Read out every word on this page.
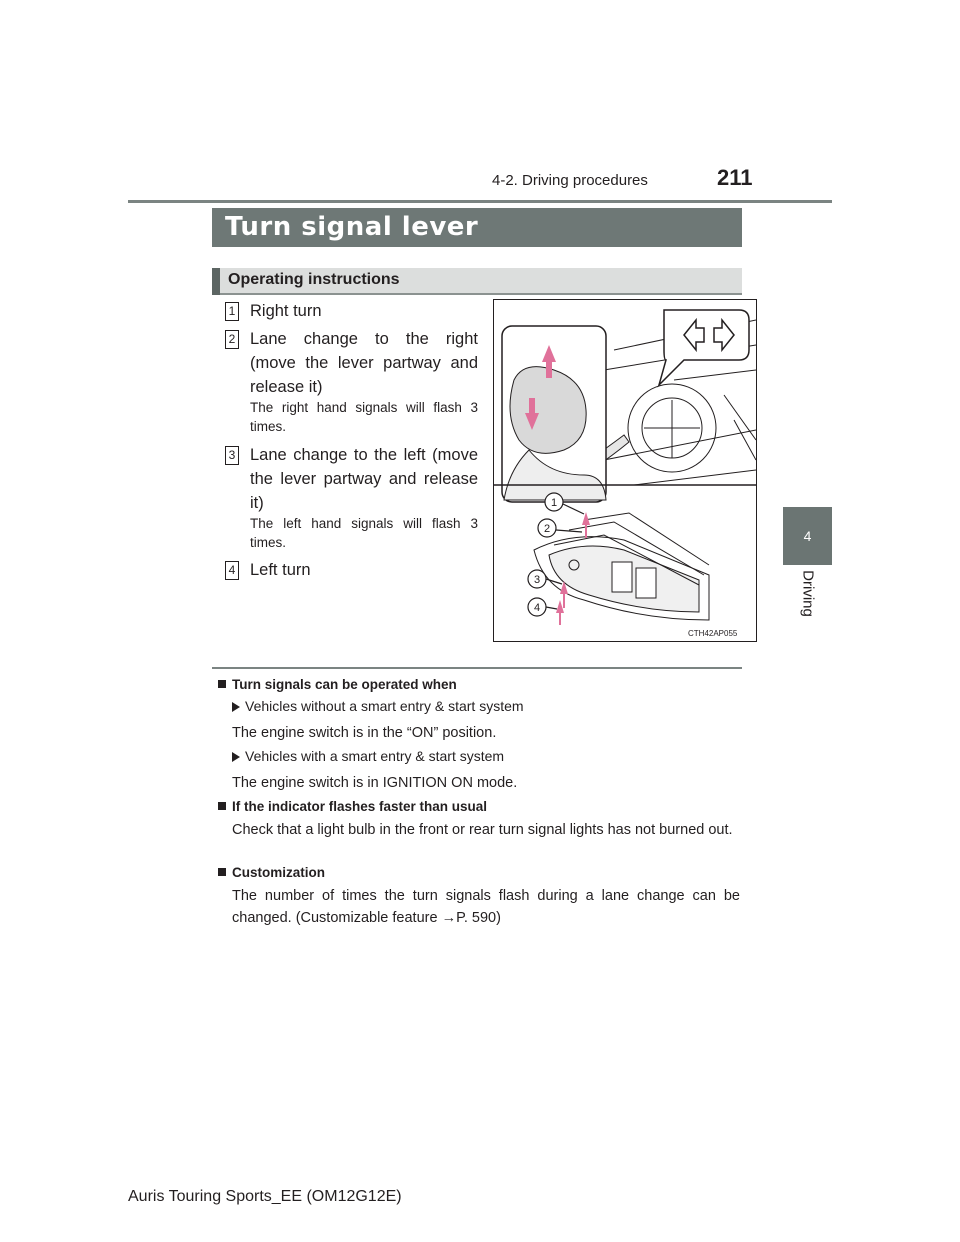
4-2. Driving procedures	211
4
Driving
Turn signal lever
Operating instructions
1 Right turn
2 Lane change to the right (move the lever partway and release it)
The right hand signals will flash 3 times.
3 Lane change to the left (move the lever partway and release it)
The left hand signals will flash 3 times.
4 Left turn
1
2
3
4
CTH42AP055
Turn signals can be operated when
Vehicles without a smart entry & start system
The engine switch is in the “ON” position.
Vehicles with a smart entry & start system
The engine switch is in IGNITION ON mode.
If the indicator flashes faster than usual
Check that a light bulb in the front or rear turn signal lights has not burned out.
Customization
The number of times the turn signals flash during a lane change can be changed. (Customizable feature →P. 590)
Auris Touring Sports_EE (OM12G12E)
